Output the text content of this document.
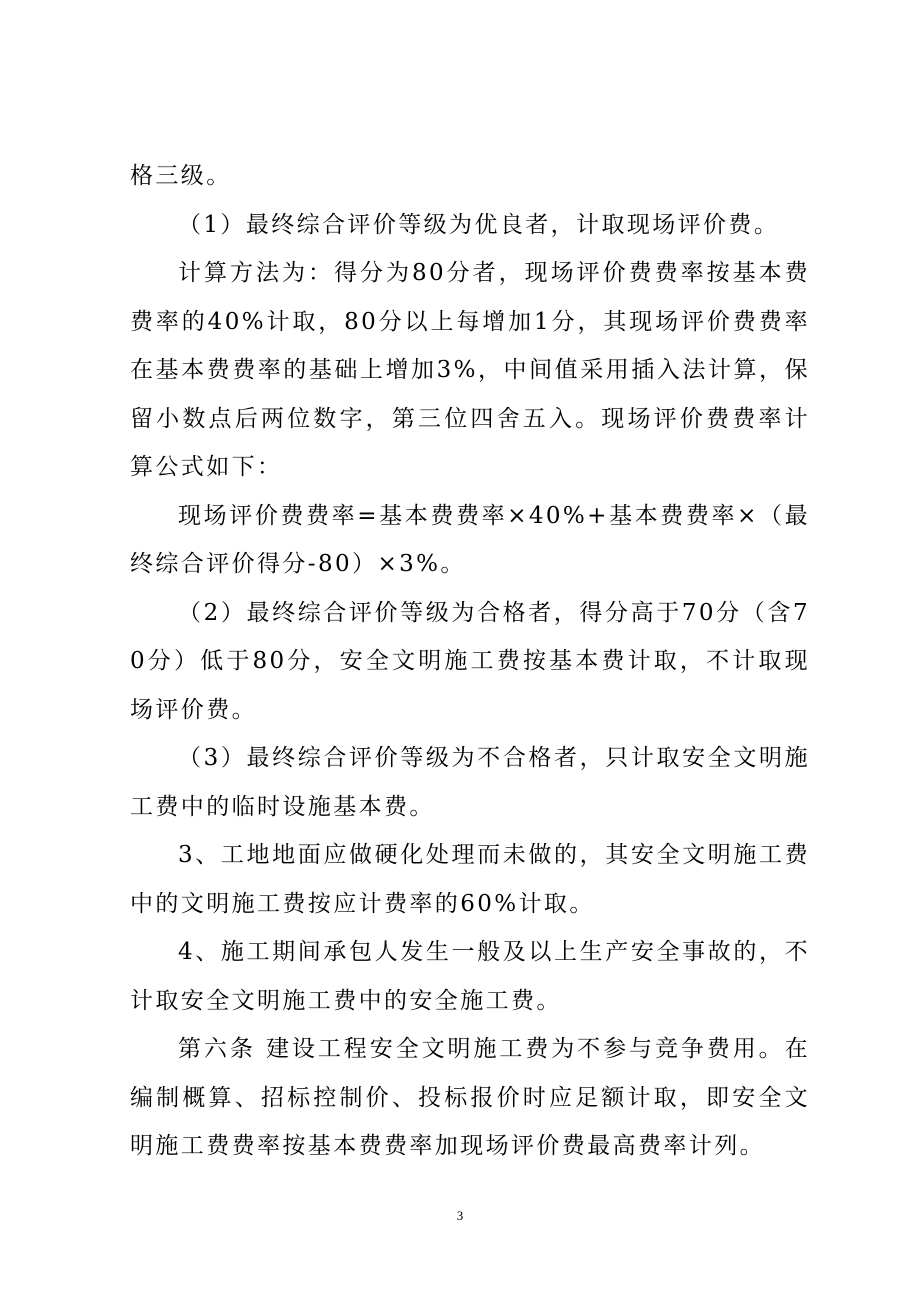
格三级。

（1）最终综合评价等级为优良者，计取现场评价费。

计算方法为：得分为80分者，现场评价费费率按基本费费率的40%计取，80分以上每增加1分，其现场评价费费率在基本费费率的基础上增加3%，中间值采用插入法计算，保留小数点后两位数字，第三位四舍五入。现场评价费费率计算公式如下：

现场评价费费率=基本费费率×40%+基本费费率×（最终综合评价得分-80）×3%。

（2）最终综合评价等级为合格者，得分高于70分（含70分）低于80分，安全文明施工费按基本费计取，不计取现场评价费。

（3）最终综合评价等级为不合格者，只计取安全文明施工费中的临时设施基本费。

3、工地地面应做硬化处理而未做的，其安全文明施工费中的文明施工费按应计费率的60%计取。

4、施工期间承包人发生一般及以上生产安全事故的，不计取安全文明施工费中的安全施工费。

第六条 建设工程安全文明施工费为不参与竞争费用。在编制概算、招标控制价、投标报价时应足额计取，即安全文明施工费费率按基本费费率加现场评价费最高费率计列。

3
